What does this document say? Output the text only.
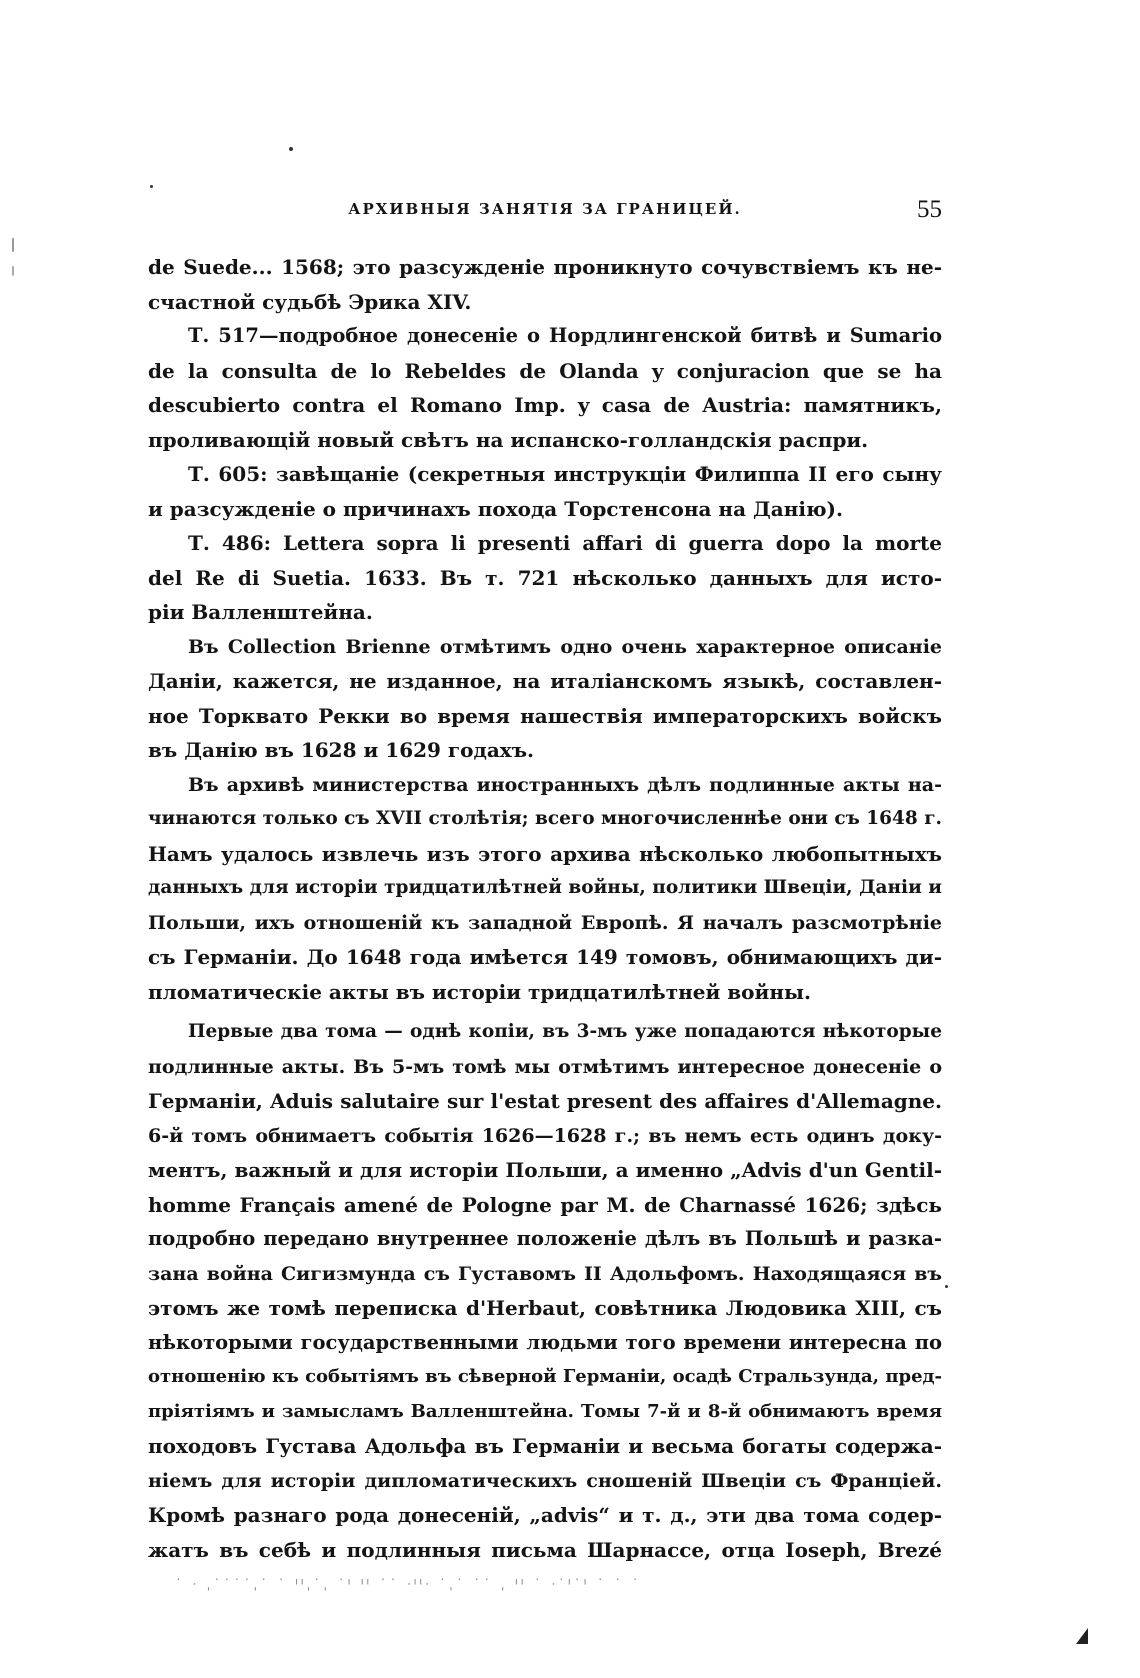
АРХИВНЫЯ ЗАНЯТІЯ ЗА ГРАНИЦЕЙ.	55
de Suede... 1568; это разсужденіе проникнуто сочувствіемъ къ не-
счастной судьбѣ Эрика XIV.
Т. 517—подробное донесеніе о Нордлингенской битвѣ и Sumario
de la consulta de lo Rebeldes de Olanda y conjuracion que se ha
descubierto contra el Romano Imp. y casa de Austria: памятникъ,
проливающій новый свѣтъ на испанско-голландскія распри.
Т. 605: завѣщаніе (секретныя инструкціи Филиппа II его сыну
и разсужденіе о причинахъ похода Торстенсона на Данію).
Т. 486: Lettera sopra li presenti affari di guerra dopo la morte
del Re di Suetia. 1633. Въ т. 721 нѣсколько данныхъ для исто-
ріи Валленштейна.
Въ Collection Brienne отмѣтимъ одно очень характерное описаніе
Даніи, кажется, не изданное, на италіанскомъ языкѣ, составлен-
ное Торквато Рекки во время нашествія императорскихъ войскъ
въ Данію въ 1628 и 1629 годахъ.
Въ архивѣ министерства иностранныхъ дѣлъ подлинные акты на-
чинаются только съ XVII столѣтія; всего многочисленнѣе они съ 1648 г.
Намъ удалось извлечь изъ этого архива нѣсколько любопытныхъ
данныхъ для исторіи тридцатилѣтней войны, политики Швеціи, Даніи и
Польши, ихъ отношеній къ западной Европѣ. Я началъ разсмотрѣніе
съ Германіи. До 1648 года имѣется 149 томовъ, обнимающихъ ди-
пломатическіе акты въ исторіи тридцатилѣтней войны.
Первые два тома — однѣ копіи, въ 3-мъ уже попадаются нѣкоторые
подлинные акты. Въ 5-мъ томѣ мы отмѣтимъ интересное донесеніе о
Германіи, Aduis salutaire sur l'estat present des affaires d'Allemagne.
6-й томъ обнимаетъ событія 1626—1628 г.; въ немъ есть одинъ доку-
ментъ, важный и для исторіи Польши, а именно „Advis d'un Gentil-
homme Français amené de Pologne par M. de Charnassé 1626; здѣсь
подробно передано внутреннее положеніе дѣлъ въ Польшѣ и разка-
зана война Сигизмунда съ Густавомъ II Адольфомъ. Находящаяся въ
этомъ же томѣ переписка d'Herbaut, совѣтника Людовика XIII, съ
нѣкоторыми государственными людьми того времени интересна по
отношенію къ событіямъ въ сѣверной Германіи, осадѣ Стральзунда, пред-
пріятіямъ и замысламъ Валленштейна. Томы 7-й и 8-й обнимаютъ время
походовъ Густава Адольфа въ Германіи и весьма богаты содержа-
ніемъ для исторіи дипломатическихъ сношеній Швеціи съ Франціей.
Кромѣ разнаго рода донесеній, „advis“ и т. д., эти два тома содер-
жатъ въ себѣ и подлинныя письма Шарнассе, отца Ioseph, Brezé
˙ ᐧ ˌ˙˙˙˙ˌ˙ ˙ ᑊᑊˌ˙ˌ ˙ᑊ ᑊᑊ ˙˙ ᐧᑊᑊᐧ ˙ˌ˙ ˙˙ ˌ ᑊᑊ ˙ ᐧ˙ᑊ˙ᑊ ˙ ˙ ˙
